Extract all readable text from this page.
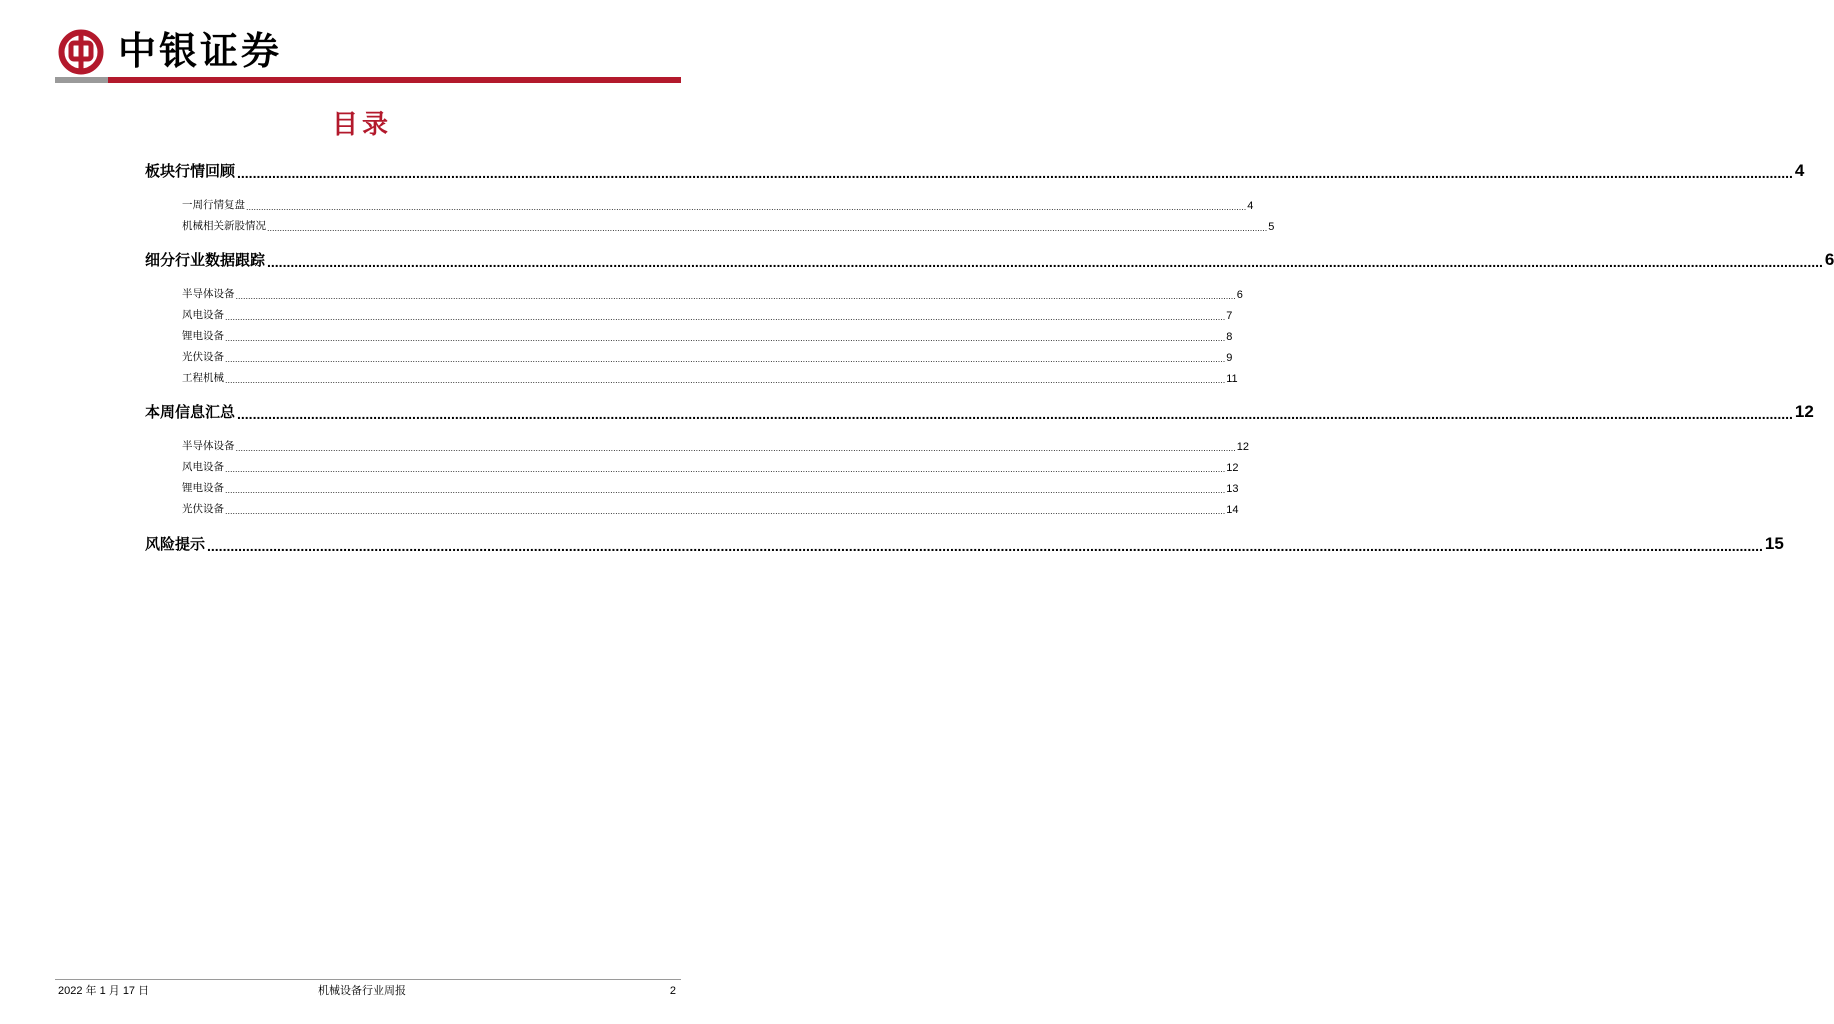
中银证券
目录
板块行情回顾 ................................................................................................................................................................................................................................................................................................................................................................................................................ 4
一周行情复盘 ................................................................................................................................................................................................................................................................................................................................................................................................................ 4
机械相关新股情况 ................................................................................................................................................................................................................................................................................................................................................................................................................ 5
细分行业数据跟踪 ................................................................................................................................................................................................................................................................................................................................................................................................................ 6
半导体设备 ................................................................................................................................................................................................................................................................................................................................................................................................................ 6
风电设备 ................................................................................................................................................................................................................................................................................................................................................................................................................ 7
锂电设备 ................................................................................................................................................................................................................................................................................................................................................................................................................ 8
光伏设备 ................................................................................................................................................................................................................................................................................................................................................................................................................ 9
工程机械 ................................................................................................................................................................................................................................................................................................................................................................................................................ 11
本周信息汇总 ................................................................................................................................................................................................................................................................................................................................................................................................................ 12
半导体设备 ................................................................................................................................................................................................................................................................................................................................................................................................................ 12
风电设备 ................................................................................................................................................................................................................................................................................................................................................................................................................ 12
锂电设备 ................................................................................................................................................................................................................................................................................................................................................................................................................ 13
光伏设备 ................................................................................................................................................................................................................................................................................................................................................................................................................ 14
风险提示 ................................................................................................................................................................................................................................................................................................................................................................................................................ 15
2022 年 1 月 17 日	机械设备行业周报	2
